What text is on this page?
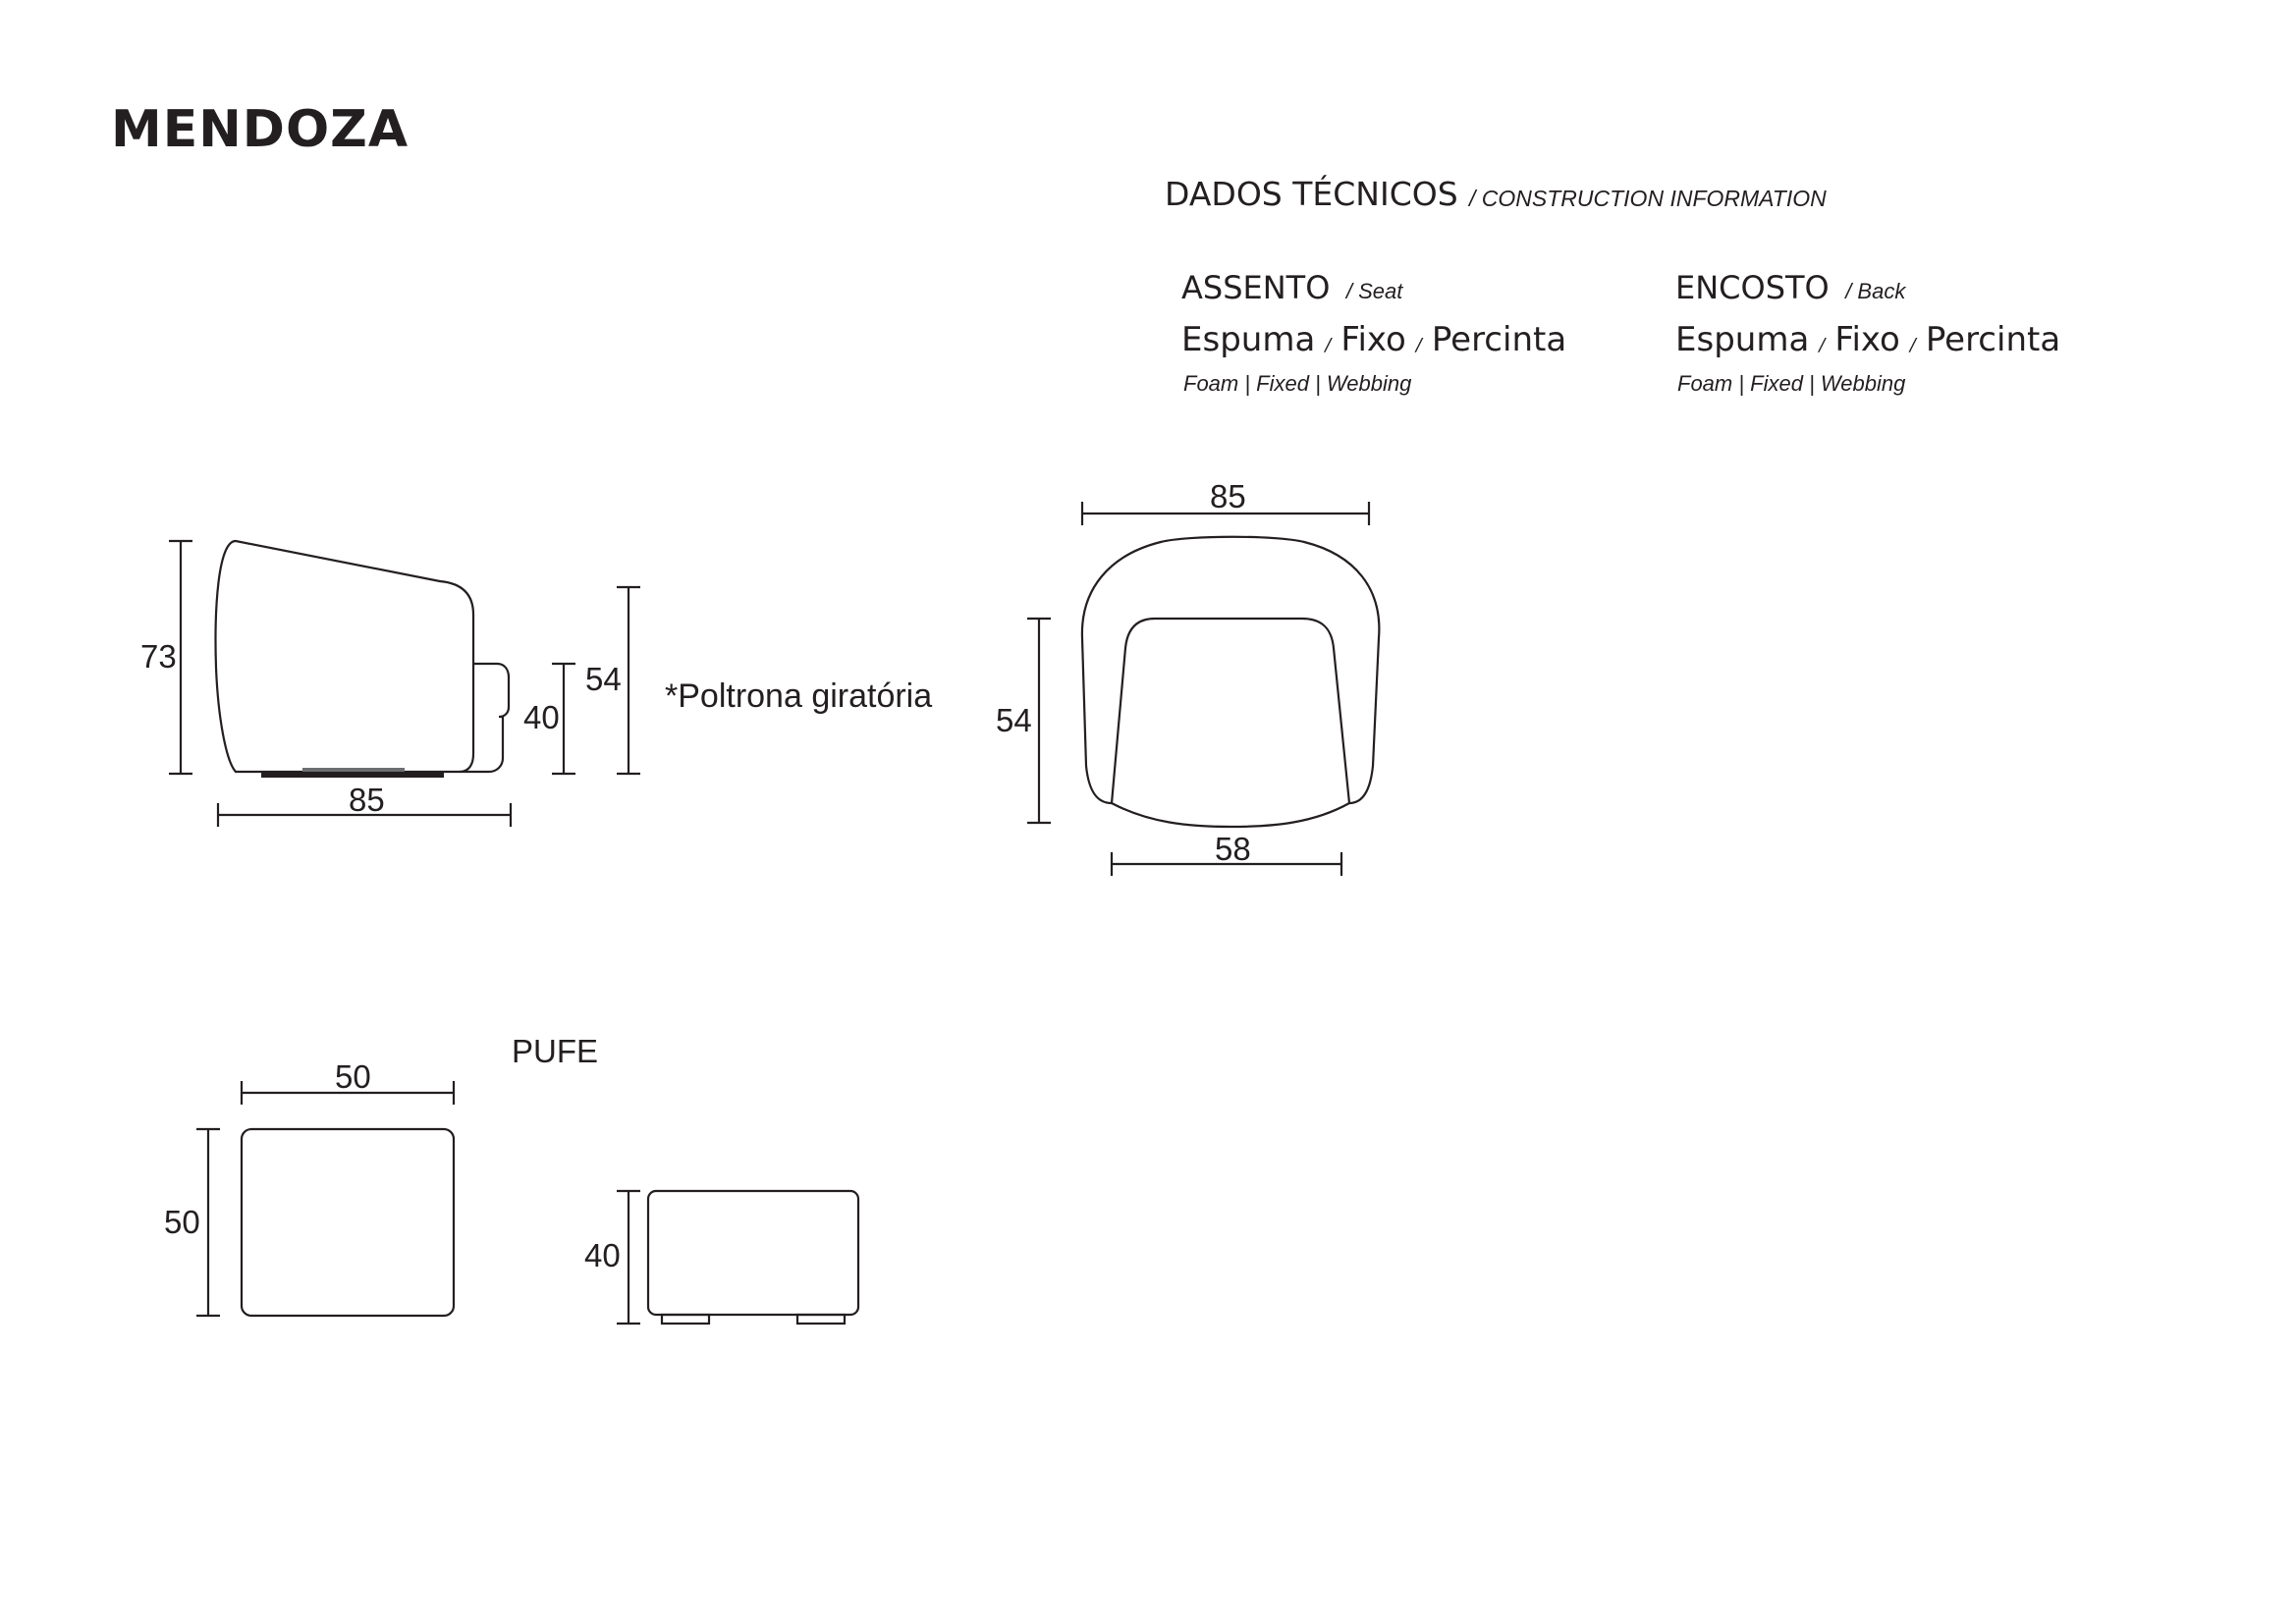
MENDOZA
DADOS TÉCNICOS / CONSTRUCTION INFORMATION
ASSENTO / Seat
Espuma / Fixo / Percinta
Foam | Fixed | Webbing
ENCOSTO / Back
Espuma / Fixo / Percinta
Foam | Fixed | Webbing
73
85
40
54
85
54
58
50
50
40
*Poltrona giratória
PUFE
